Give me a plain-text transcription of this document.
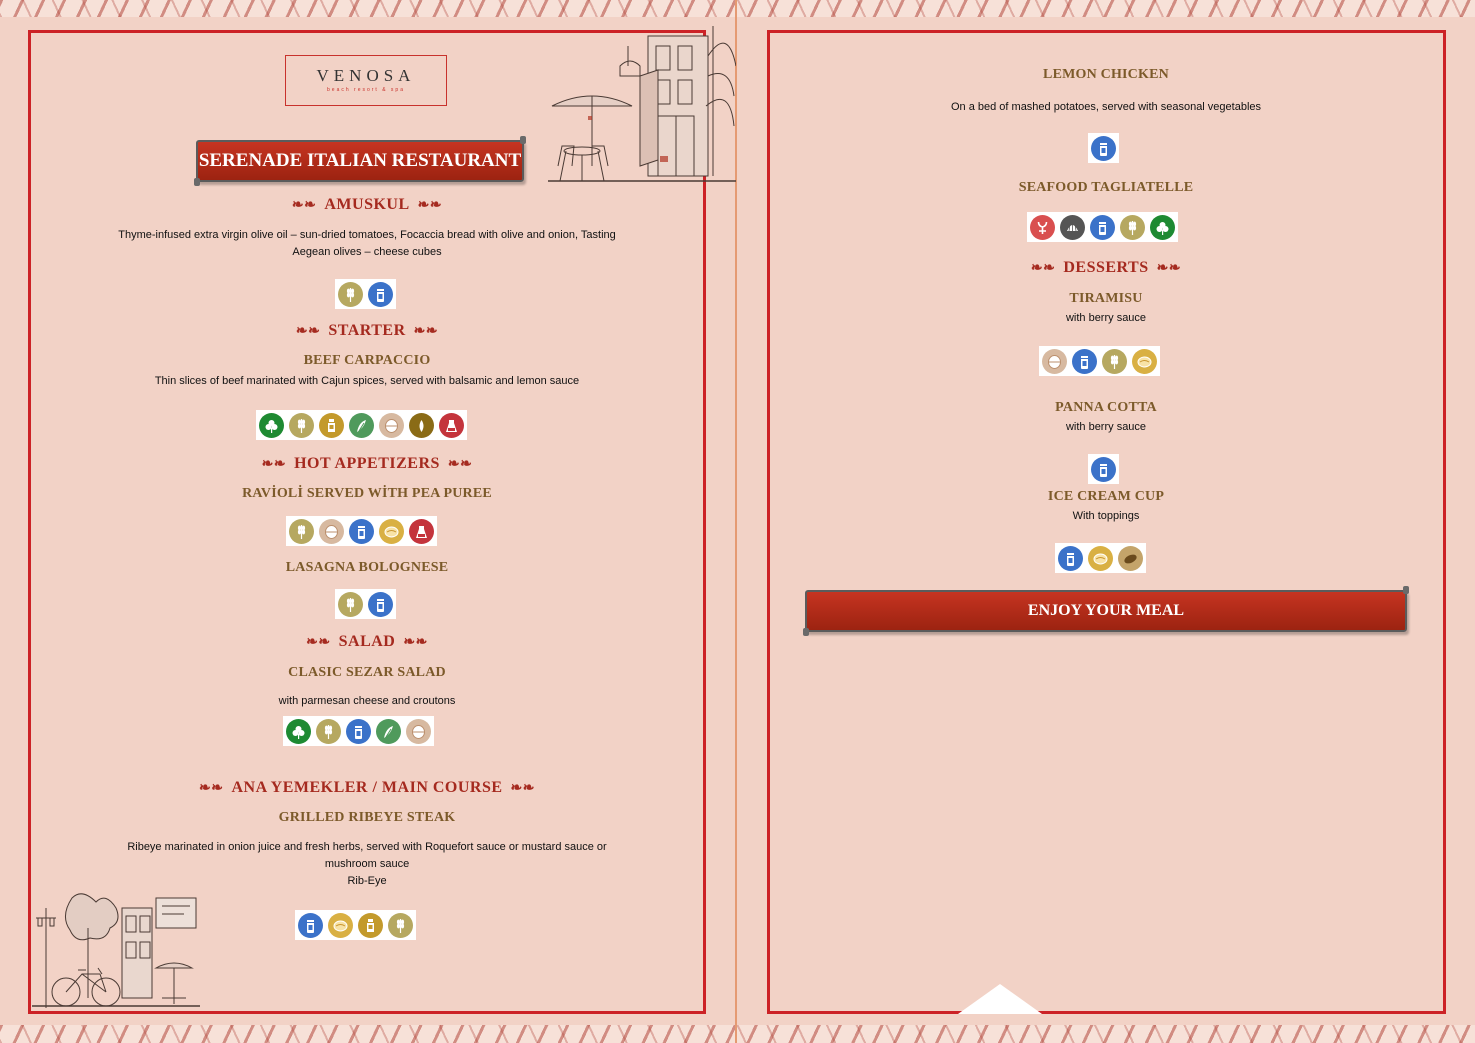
VENOSA
beach resort & spa
SERENADE ITALIAN RESTAURANT
❧❧ AMUSKUL ❧❧
Thyme-infused extra virgin olive oil – sun-dried tomatoes, Focaccia bread with olive and onion, Tasting
Aegean olives – cheese cubes
❧❧ STARTER ❧❧
BEEF CARPACCIO
Thin slices of beef marinated with Cajun spices, served with balsamic and lemon sauce
❧❧ HOT APPETIZERS ❧❧
RAVİOLİ SERVED WİTH PEA PUREE
LASAGNA BOLOGNESE
❧❧ SALAD ❧❧
CLASIC SEZAR SALAD
with parmesan cheese and croutons
❧❧ ANA YEMEKLER / MAIN COURSE ❧❧
GRILLED RIBEYE STEAK
Ribeye marinated in onion juice and fresh herbs, served with Roquefort sauce or mustard sauce or
mushroom sauce
Rib-Eye
LEMON CHICKEN
On a bed of mashed potatoes, served with seasonal vegetables
SEAFOOD TAGLIATELLE
❧❧ DESSERTS ❧❧
TIRAMISU
with berry sauce
PANNA COTTA
with berry sauce
ICE CREAM CUP
With toppings
ENJOY YOUR MEAL
